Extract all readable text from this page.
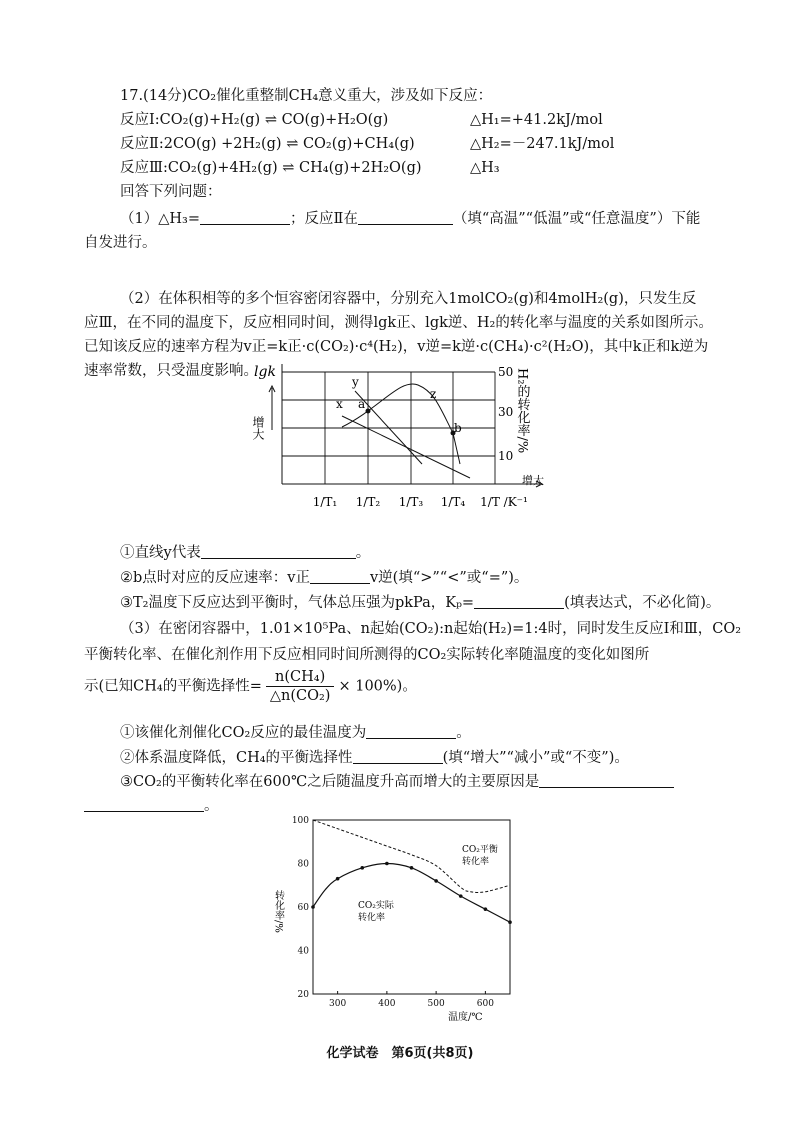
17.(14分)CO₂催化重整制CH₄意义重大，涉及如下反应：
反应Ⅰ:CO₂(g)+H₂(g) ⇌ CO(g)+H₂O(g)	△H₁=+41.2kJ/mol
反应Ⅱ:2CO(g) +2H₂(g) ⇌ CO₂(g)+CH₄(g)	△H₂=－247.1kJ/mol
反应Ⅲ:CO₂(g)+4H₂(g) ⇌ CH₄(g)+2H₂O(g)	△H₃
回答下列问题：
（1）△H₃=	；反应Ⅱ在	（填“高温”“低温”或“任意温度”）下能
自发进行。
（2）在体积相等的多个恒容密闭容器中，分别充入1molCO₂(g)和4molH₂(g)，只发生反
应Ⅲ，在不同的温度下，反应相同时间，测得lgk正、lgk逆、H₂的转化率与温度的关系如图所示。
已知该反应的速率方程为v正=k正·c(CO₂)·c⁴(H₂)，v逆=k逆·c(CH₄)·c²(H₂O)，其中k正和k逆为
速率常数，只受温度影响。
lgk
增大
x
y
z
a
b
50
30
10
H₂的转化率/%
增大
1/T₁ 1/T₂ 1/T₃ 1/T₄ 1/T /K⁻¹
①直线y代表	。
②b点时对应的反应速率：v正	v逆(填“>”“<”或“=”)。
③T₂温度下反应达到平衡时，气体总压强为pkPa，Kₚ=	(填表达式，不必化简)。
（3）在密闭容器中，1.01×10⁵Pa、n起始(CO₂):n起始(H₂)=1:4时，同时发生反应Ⅰ和Ⅲ，CO₂
平衡转化率、在催化剂作用下反应相同时间所测得的CO₂实际转化率随温度的变化如图所
示(已知CH₄的平衡选择性= $\frac{\text{n(CH₄)}}{\text{△n(CO₂)}} \times 100\%$)。
①该催化剂催化CO₂反应的最佳温度为	。
②体系温度降低，CH₄的平衡选择性	(填“增大”“减小”或“不变”)。
③CO₂的平衡转化率在600℃之后随温度升高而增大的主要原因是
。
300	400	500	600
20
40
60
80
100
CO₂平衡
转化率
CO₂实际
转化率
温度/℃
转化率/%
化学试卷　第6页(共8页)
